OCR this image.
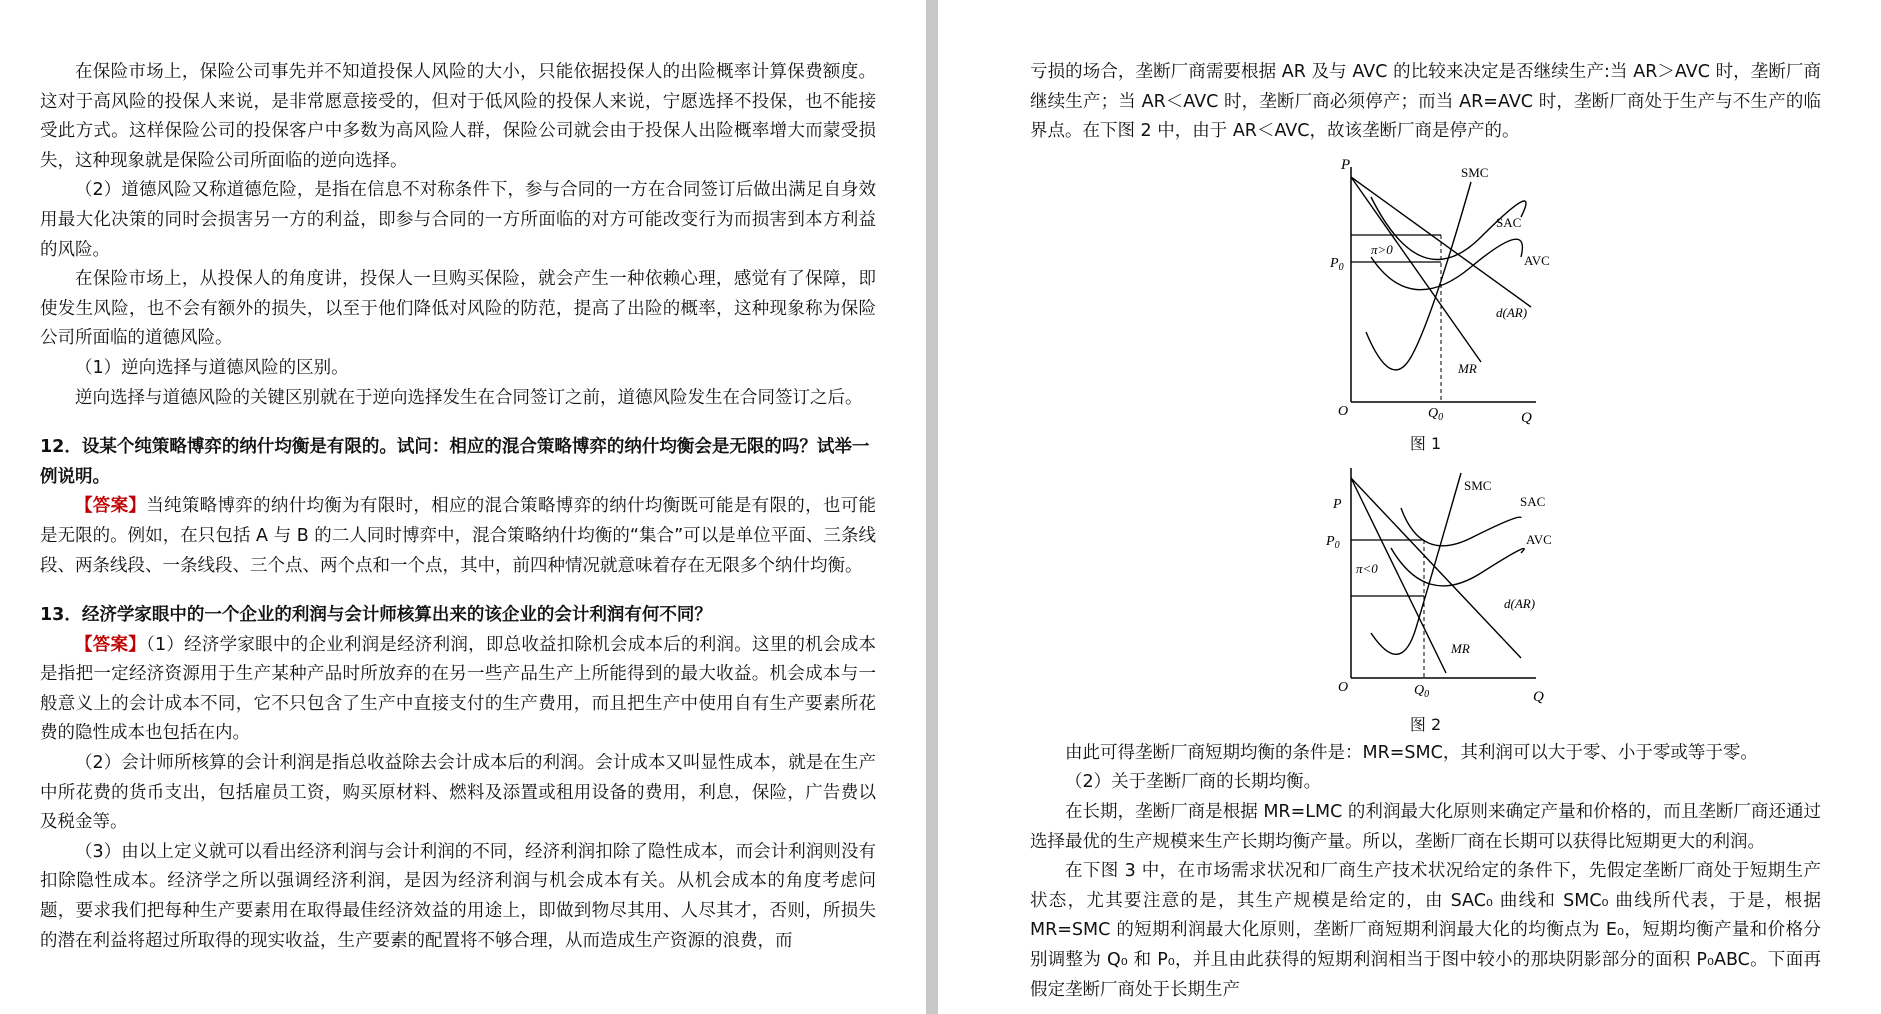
在保险市场上，保险公司事先并不知道投保人风险的大小，只能依据投保人的出险概率计算保费额度。这对于高风险的投保人来说，是非常愿意接受的，但对于低风险的投保人来说，宁愿选择不投保，也不能接受此方式。这样保险公司的投保客户中多数为高风险人群，保险公司就会由于投保人出险概率增大而蒙受损失，这种现象就是保险公司所面临的逆向选择。

（2）道德风险又称道德危险，是指在信息不对称条件下，参与合同的一方在合同签订后做出满足自身效用最大化决策的同时会损害另一方的利益，即参与合同的一方所面临的对方可能改变行为而损害到本方利益的风险。

在保险市场上，从投保人的角度讲，投保人一旦购买保险，就会产生一种依赖心理，感觉有了保障，即使发生风险，也不会有额外的损失，以至于他们降低对风险的防范，提高了出险的概率，这种现象称为保险公司所面临的道德风险。

（1）逆向选择与道德风险的区别。

逆向选择与道德风险的关键区别就在于逆向选择发生在合同签订之前，道德风险发生在合同签订之后。

12．设某个纯策略博弈的纳什均衡是有限的。试问：相应的混合策略博弈的纳什均衡会是无限的吗？试举一例说明。

【答案】当纯策略博弈的纳什均衡为有限时，相应的混合策略博弈的纳什均衡既可能是有限的，也可能是无限的。例如，在只包括 A 与 B 的二人同时博弈中，混合策略纳什均衡的“集合”可以是单位平面、三条线段、两条线段、一条线段、三个点、两个点和一个点，其中，前四种情况就意味着存在无限多个纳什均衡。

13．经济学家眼中的一个企业的利润与会计师核算出来的该企业的会计利润有何不同？

【答案】（1）经济学家眼中的企业利润是经济利润，即总收益扣除机会成本后的利润。这里的机会成本是指把一定经济资源用于生产某种产品时所放弃的在另一些产品生产上所能得到的最大收益。机会成本与一般意义上的会计成本不同，它不只包含了生产中直接支付的生产费用，而且把生产中使用自有生产要素所花费的隐性成本也包括在内。

（2）会计师所核算的会计利润是指总收益除去会计成本后的利润。会计成本又叫显性成本，就是在生产中所花费的货币支出，包括雇员工资，购买原材料、燃料及添置或租用设备的费用，利息，保险，广告费以及税金等。

（3）由以上定义就可以看出经济利润与会计利润的不同，经济利润扣除了隐性成本，而会计利润则没有扣除隐性成本。经济学之所以强调经济利润，是因为经济利润与机会成本有关。从机会成本的角度考虑问题，要求我们把每种生产要素用在取得最佳经济效益的用途上，即做到物尽其用、人尽其才，否则，所损失的潜在利益将超过所取得的现实收益，生产要素的配置将不够合理，从而造成生产资源的浪费，而

亏损的场合，垄断厂商需要根据 AR 及与 AVC 的比较来决定是否继续生产:当 AR＞AVC 时，垄断厂商继续生产；当 AR＜AVC 时，垄断厂商必须停产；而当 AR=AVC 时，垄断厂商处于生产与不生产的临界点。在下图 2 中，由于 AR＜AVC，故该垄断厂商是停产的。

P
Q
O
$P_0$
$Q_0$
π>0
SMC
SAC
AVC
d(AR)
MR

图 1

P
Q
O
$P_0$
$Q_0$
π<0
SMC
SAC
AVC
d(AR)
MR

图 2

由此可得垄断厂商短期均衡的条件是：MR=SMC，其利润可以大于零、小于零或等于零。

（2）关于垄断厂商的长期均衡。

在长期，垄断厂商是根据 MR=LMC 的利润最大化原则来确定产量和价格的，而且垄断厂商还通过选择最优的生产规模来生产长期均衡产量。所以，垄断厂商在长期可以获得比短期更大的利润。

在下图 3 中，在市场需求状况和厂商生产技术状况给定的条件下，先假定垄断厂商处于短期生产状态，尤其要注意的是，其生产规模是给定的，由 SAC₀ 曲线和 SMC₀ 曲线所代表，于是，根据 MR=SMC 的短期利润最大化原则，垄断厂商短期利润最大化的均衡点为 E₀，短期均衡产量和价格分别调整为 Q₀ 和 P₀，并且由此获得的短期利润相当于图中较小的那块阴影部分的面积 P₀ABC。下面再假定垄断厂商处于长期生产
